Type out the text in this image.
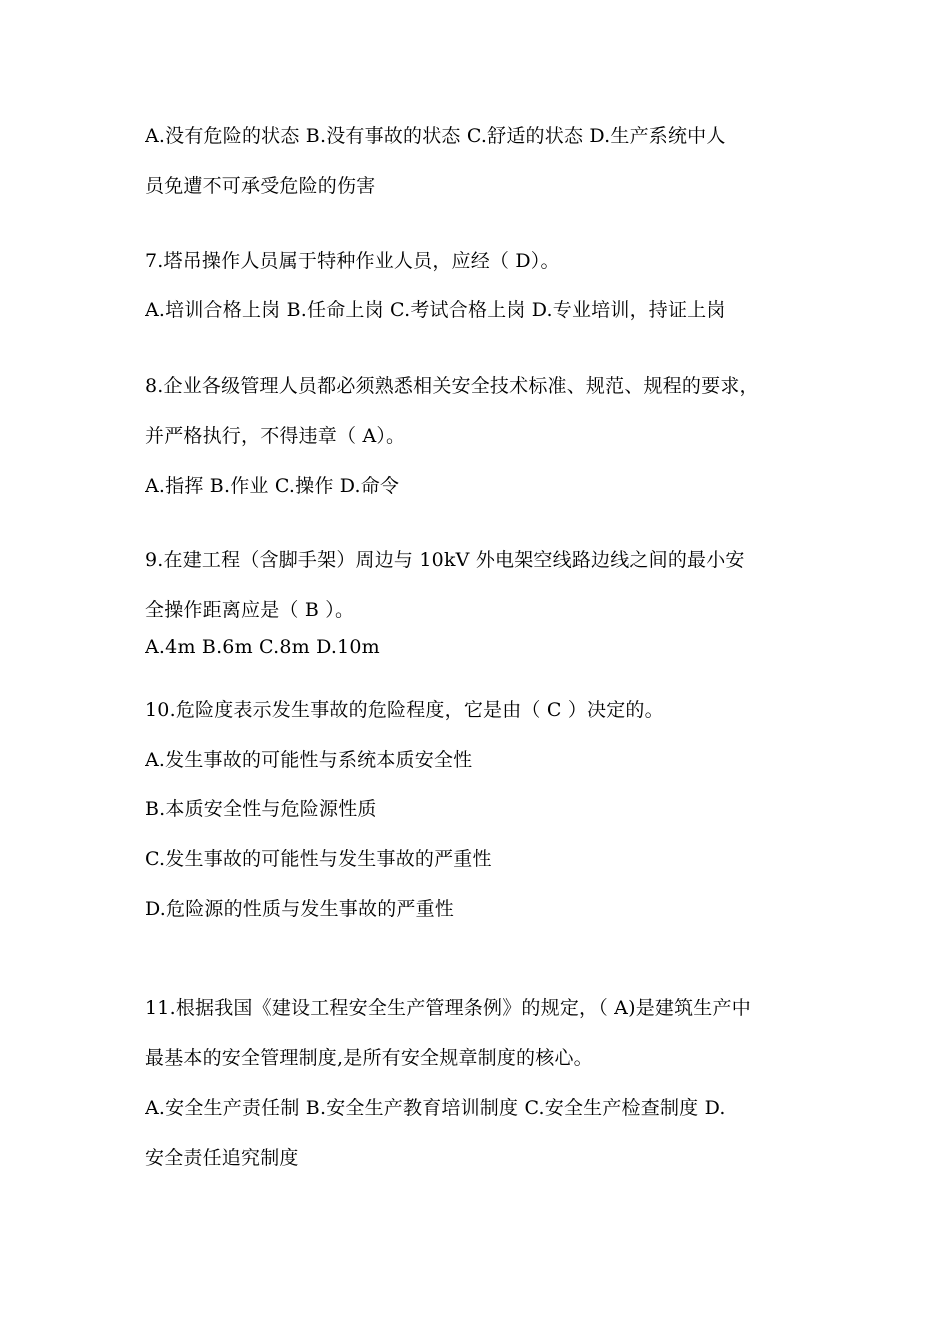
A.没有危险的状态 B.没有事故的状态 C.舒适的状态 D.生产系统中人
员免遭不可承受危险的伤害
7.塔吊操作人员属于特种作业人员，应经（ D）。
A.培训合格上岗 B.任命上岗 C.考试合格上岗 D.专业培训，持证上岗
8.企业各级管理人员都必须熟悉相关安全技术标准、规范、规程的要求，
并严格执行，不得违章（ A）。
A.指挥 B.作业 C.操作 D.命令
9.在建工程（含脚手架）周边与 10kV 外电架空线路边线之间的最小安
全操作距离应是（ B ）。
A.4m B.6m C.8m D.10m
10.危险度表示发生事故的危险程度，它是由（ C ）决定的。
A.发生事故的可能性与系统本质安全性
B.本质安全性与危险源性质
C.发生事故的可能性与发生事故的严重性
D.危险源的性质与发生事故的严重性
11.根据我国《建设工程安全生产管理条例》的规定，（ A)是建筑生产中
最基本的安全管理制度,是所有安全规章制度的核心。
A.安全生产责任制 B.安全生产教育培训制度 C.安全生产检查制度 D.
安全责任追究制度
